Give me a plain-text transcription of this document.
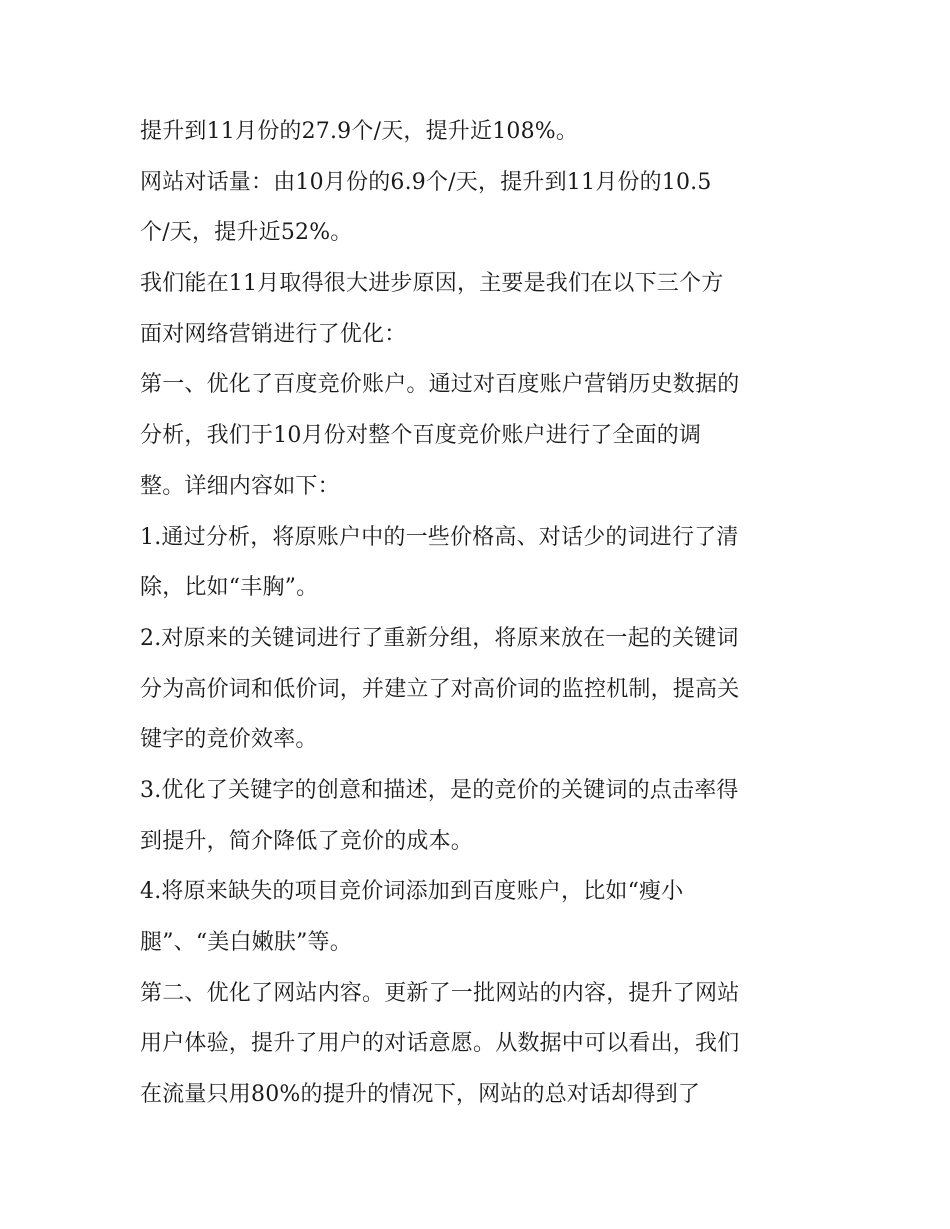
提升到11月份的27.9个/天，提升近108%。
网站对话量：由10月份的6.9个/天，提升到11月份的10.5
个/天，提升近52%。
我们能在11月取得很大进步原因，主要是我们在以下三个方
面对网络营销进行了优化：
第一、优化了百度竞价账户。通过对百度账户营销历史数据的
分析，我们于10月份对整个百度竞价账户进行了全面的调
整。详细内容如下：
1.通过分析，将原账户中的一些价格高、对话少的词进行了清
除，比如“丰胸”。
2.对原来的关键词进行了重新分组，将原来放在一起的关键词
分为高价词和低价词，并建立了对高价词的监控机制，提高关
键字的竞价效率。
3.优化了关键字的创意和描述，是的竞价的关键词的点击率得
到提升，简介降低了竞价的成本。
4.将原来缺失的项目竞价词添加到百度账户，比如“瘦小
腿”、“美白嫩肤”等。
第二、优化了网站内容。更新了一批网站的内容，提升了网站
用户体验，提升了用户的对话意愿。从数据中可以看出，我们
在流量只用80%的提升的情况下，网站的总对话却得到了
